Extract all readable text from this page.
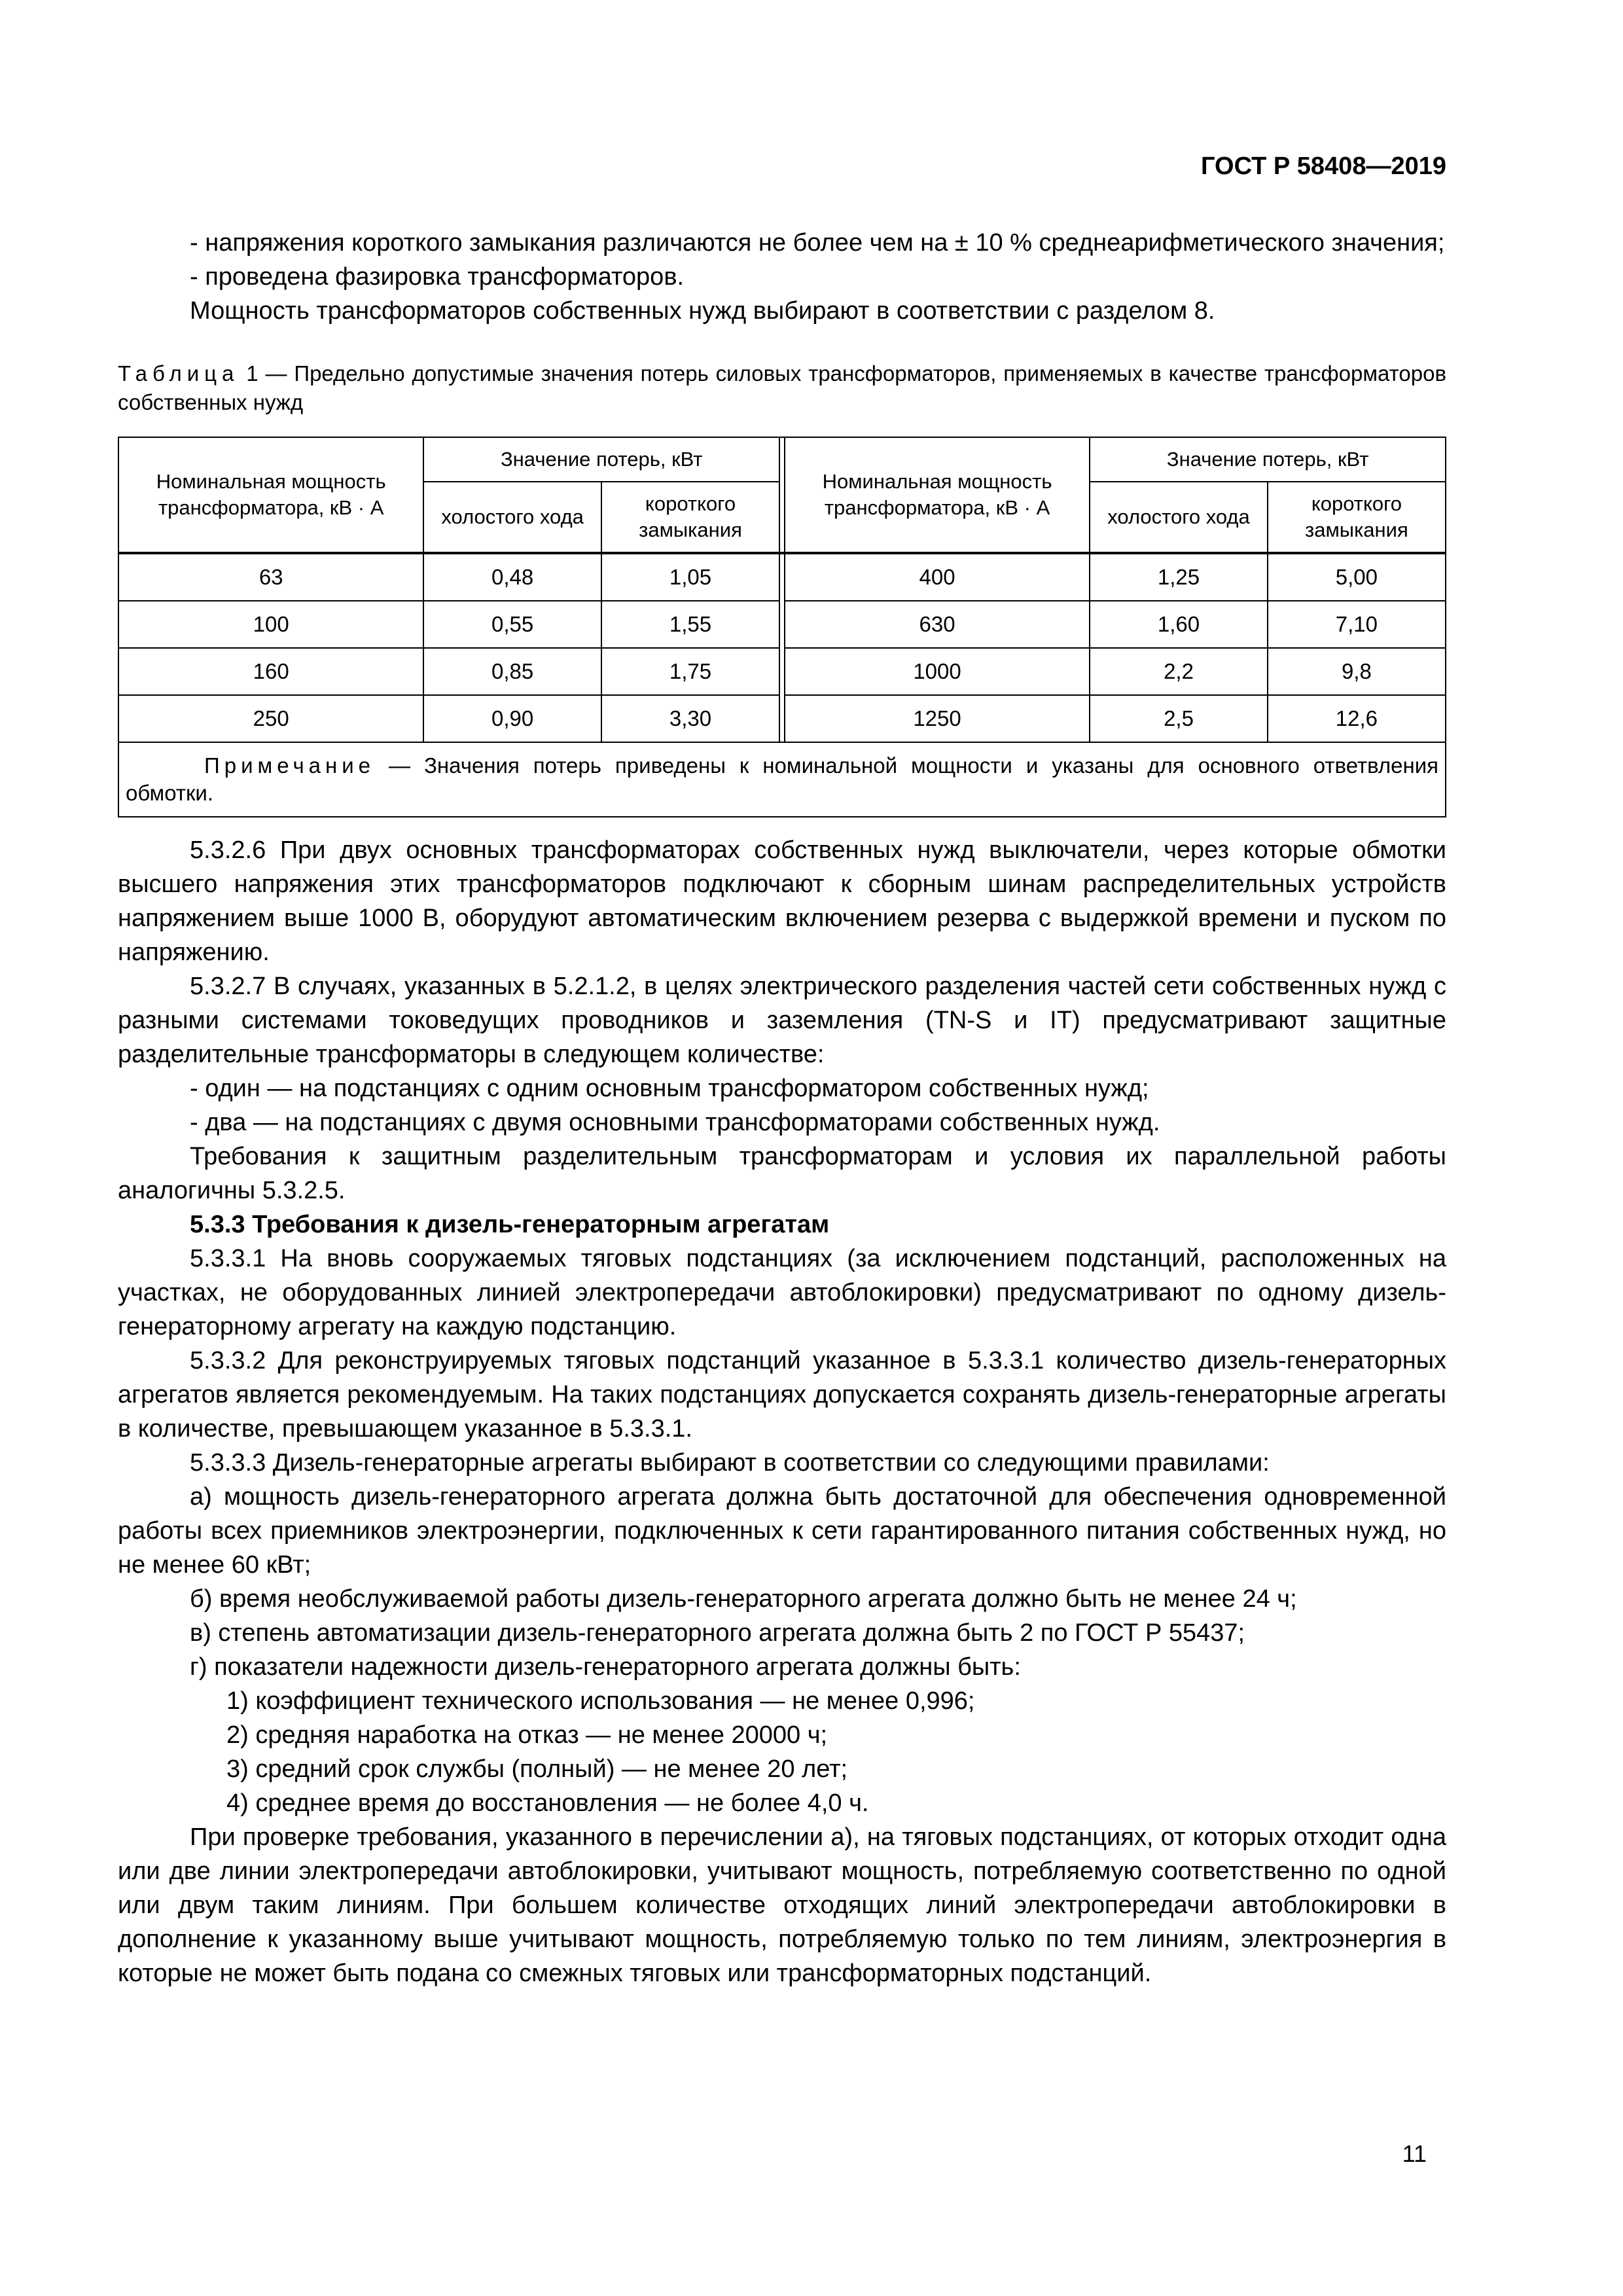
ГОСТ Р 58408—2019

- напряжения короткого замыкания различаются не более чем на ± 10 % среднеарифметического значения;

- проведена фазировка трансформаторов.

Мощность трансформаторов собственных нужд выбирают в соответствии с разделом 8.

Таблица 1 — Предельно допустимые значения потерь силовых трансформаторов, применяемых в качестве трансформаторов собственных нужд
Номинальная мощность трансформатора, кВ · А	Значение потерь, кВт			Номинальная мощность трансформатора, кВ · А	Значение потерь, кВт	
	холостого хода	короткого замыкания			холостого хода	короткого замыкания
63	0,48	1,05		400	1,25	5,00
100	0,55	1,55		630	1,60	7,10
160	0,85	1,75		1000	2,2	9,8
250	0,90	3,30		1250	2,5	12,6
Примечание — Значения потерь приведены к номинальной мощности и указаны для основного ответвления обмотки.						

5.3.2.6 При двух основных трансформаторах собственных нужд выключатели, через которые обмотки высшего напряжения этих трансформаторов подключают к сборным шинам распределительных устройств напряжением выше 1000 В, оборудуют автоматическим включением резерва с выдержкой времени и пуском по напряжению.

5.3.2.7 В случаях, указанных в 5.2.1.2, в целях электрического разделения частей сети собственных нужд с разными системами токоведущих проводников и заземления (TN-S и IT) предусматривают защитные разделительные трансформаторы в следующем количестве:

- один — на подстанциях с одним основным трансформатором собственных нужд;

- два — на подстанциях с двумя основными трансформаторами собственных нужд.

Требования к защитным разделительным трансформаторам и условия их параллельной работы аналогичны 5.3.2.5.

5.3.3 Требования к дизель-генераторным агрегатам

5.3.3.1 На вновь сооружаемых тяговых подстанциях (за исключением подстанций, расположенных на участках, не оборудованных линией электропередачи автоблокировки) предусматривают по одному дизель-генераторному агрегату на каждую подстанцию.

5.3.3.2 Для реконструируемых тяговых подстанций указанное в 5.3.3.1 количество дизель-генераторных агрегатов является рекомендуемым. На таких подстанциях допускается сохранять дизель-генераторные агрегаты в количестве, превышающем указанное в 5.3.3.1.

5.3.3.3 Дизель-генераторные агрегаты выбирают в соответствии со следующими правилами:

а) мощность дизель-генераторного агрегата должна быть достаточной для обеспечения одновременной работы всех приемников электроэнергии, подключенных к сети гарантированного питания собственных нужд, но не менее 60 кВт;

б) время необслуживаемой работы дизель-генераторного агрегата должно быть не менее 24 ч;

в) степень автоматизации дизель-генераторного агрегата должна быть 2 по ГОСТ Р 55437;

г) показатели надежности дизель-генераторного агрегата должны быть:

1) коэффициент технического использования — не менее 0,996;

2) средняя наработка на отказ — не менее 20000 ч;

3) средний срок службы (полный) — не менее 20 лет;

4) среднее время до восстановления — не более 4,0 ч.

При проверке требования, указанного в перечислении а), на тяговых подстанциях, от которых отходит одна или две линии электропередачи автоблокировки, учитывают мощность, потребляемую соответственно по одной или двум таким линиям. При большем количестве отходящих линий электропередачи автоблокировки в дополнение к указанному выше учитывают мощность, потребляемую только по тем линиям, электроэнергия в которые не может быть подана со смежных тяговых или трансформаторных подстанций.

11
